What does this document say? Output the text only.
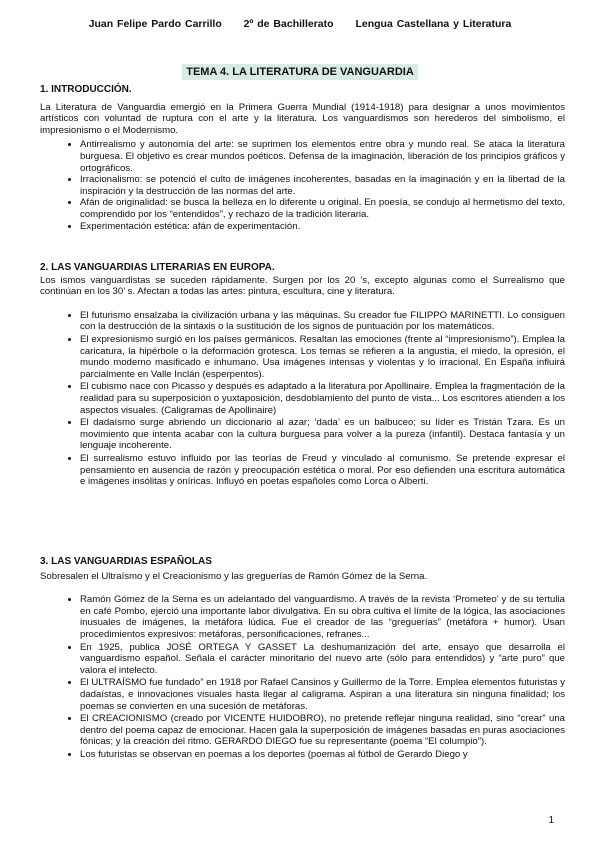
Juan Felipe Pardo Carrillo 2º de Bachillerato Lengua Castellana y Literatura
TEMA 4. LA LITERATURA DE VANGUARDIA
1. INTRODUCCIÓN.

La Literatura de Vanguardia emergió en la Primera Guerra Mundial (1914-1918) para designar a unos movimientos artísticos con voluntad de ruptura con el arte y la literatura. Los vanguardismos son herederos del simbolismo, el impresionismo o el Modernismo.

• Antirrealismo y autonomía del arte: se suprimen los elementos entre obra y mundo real. Se ataca la literatura burguesa. El objetivo es crear mundos poéticos. Defensa de la imaginación, liberación de los principios gráficos y ortográficos.
• Irracionalismo: se potenció el culto de imágenes incoherentes, basadas en la imaginación y en la libertad de la inspiración y la destrucción de las normas del arte.
• Afán de originalidad: se busca la belleza en lo diferente u original. En poesía, se condujo al hermetismo del texto, comprendido por los “entendidos”, y rechazo de la tradición literaria.
• Experimentación estética: afán de experimentación.
2. LAS VANGUARDIAS LITERARIAS EN EUROPA.

Los ismos vanguardistas se suceden rápidamente. Surgen por los 20 ’s, excepto algunas como el Surrealismo que continúan en los 30’ s. Afectan a todas las artes: pintura, escultura, cine y literatura.

• El futurismo ensalzaba la civilización urbana y las máquinas. Su creador fue FILIPPO MARINETTI. Lo consiguen con la destrucción de la sintaxis o la sustitución de los signos de puntuación por los matemáticos.
• El expresionismo surgió en los países germánicos. Resaltan las emociones (frente al “impresionismo”). Emplea la caricatura, la hipérbole o la deformación grotesca. Los temas se refieren a la angustia, el miedo, la opresión, el mundo moderno masificado e inhumano. Usa imágenes intensas y violentas y lo irracional. En España influirá parcialmente en Valle Inclán (esperpentos).
• El cubismo nace con Picasso y después es adaptado a la literatura por Apollinaire. Emplea la fragmentación de la realidad para su superposición o yuxtaposición, desdoblamiento del punto de vista... Los escritores atienden a los aspectos visuales. (Caligramas de Apollinaire)
• El dadaísmo surge abriendo un diccionario al azar; ‘dada’ es un balbuceo; su líder es Tristán Tzara. Es un movimiento que intenta acabar con la cultura burguesa para volver a la pureza (infantil). Destaca fantasía y un lenguaje incoherente.
• El surrealismo estuvo influido por las teorías de Freud y vinculado al comunismo. Se pretende expresar el pensamiento en ausencia de razón y preocupación estética o moral. Por eso defienden una escritura automática e imágenes insólitas y oníricas. Influyó en poetas españoles como Lorca o Alberti.
3. LAS VANGUARDIAS ESPAÑOLAS

Sobresalen el Ultraísmo y el Creacionismo y las greguerías de Ramón Gómez de la Serna.

• Ramón Gómez de la Serna es un adelantado del vanguardismo. A través de la revista ‘Prometeo’ y de su tertulia en café Pombo, ejerció una importante labor divulgativa. En su obra cultiva el límite de la lógica, las asociaciones inusuales de imágenes, la metáfora lúdica. Fue el creador de las “greguerías” (metáfora + humor). Usan procedimientos expresivos: metáforas, personificaciones, refranes...
• En 1925, publica JOSÉ ORTEGA Y GASSET La deshumanización del arte, ensayo que desarrolla el vanguardismo español. Señala el carácter minoritario del nuevo arte (sólo para entendidos) y “arte puro” que valora el intelecto.
• El ULTRAÍSMO fue fundado” en 1918 por Rafael Cansinos y Guillermo de la Torre. Emplea elementos futuristas y dadaístas, e innovaciones visuales hasta llegar al caligrama. Aspiran a una literatura sin ninguna finalidad; los poemas se convierten en una sucesión de metáforas.
• El CREACIONISMO (creado por VICENTE HUIDOBRO), no pretende reflejar ninguna realidad, sino “crear” una dentro del poema capaz de emocionar. Hacen gala la superposición de imágenes basadas en puras asociaciones fónicas; y la creación del ritmo. GERARDO DIEGO fue su representante (poema “El columpio”).
• Los futuristas se observan en poemas a los deportes (poemas al fútbol de Gerardo Diego y
1
